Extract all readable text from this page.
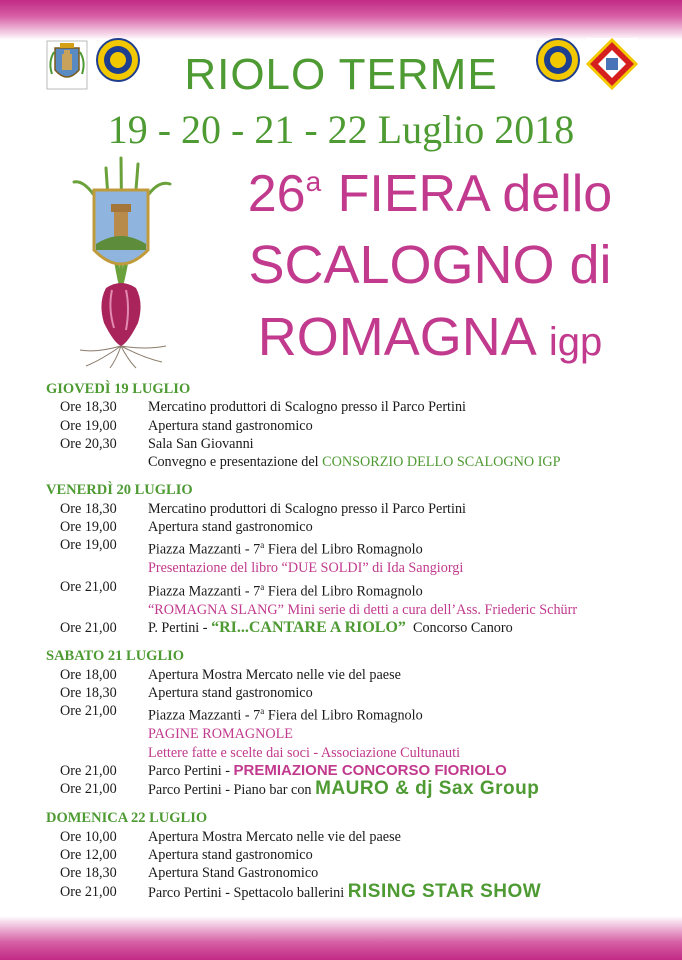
RIOLO TERME
19 - 20 - 21 - 22 Luglio 2018
26$^a$ FIERA dello
SCALOGNO di
ROMAGNA igp
GIOVEDÌ 19 LUGLIO
Ore 18,30	Mercatino produttori di Scalogno presso il Parco Pertini
Ore 19,00	Apertura stand gastronomico
Ore 20,30	Sala San Giovanni
Convegno e presentazione del CONSORZIO DELLO SCALOGNO IGP
VENERDÌ 20 LUGLIO
Ore 18,30	Mercatino produttori di Scalogno presso il Parco Pertini
Ore 19,00	Apertura stand gastronomico
Ore 19,00	Piazza Mazzanti - 7$^a$ Fiera del Libro Romagnolo
Presentazione del libro “DUE SOLDI” di Ida Sangiorgi
Ore 21,00	Piazza Mazzanti - 7$^a$ Fiera del Libro Romagnolo
“ROMAGNA SLANG” Mini serie di detti a cura dell’Ass. Friederic Schürr
Ore 21,00	P. Pertini - “RI...CANTARE A RIOLO”  Concorso Canoro
SABATO 21 LUGLIO
Ore 18,00	Apertura Mostra Mercato nelle vie del paese
Ore 18,30	Apertura stand gastronomico
Ore 21,00	Piazza Mazzanti - 7$^a$ Fiera del Libro Romagnolo
PAGINE ROMAGNOLE
Lettere fatte e scelte dai soci - Associazione Cultunauti
Ore 21,00	Parco Pertini - PREMIAZIONE CONCORSO FIORIOLO
Ore 21,00	Parco Pertini - Piano bar con MAURO & dj Sax Group
DOMENICA 22 LUGLIO
Ore 10,00	Apertura Mostra Mercato nelle vie del paese
Ore 12,00	Apertura stand gastronomico
Ore 18,30	Apertura Stand Gastronomico
Ore 21,00	Parco Pertini - Spettacolo ballerini RISING STAR SHOW
